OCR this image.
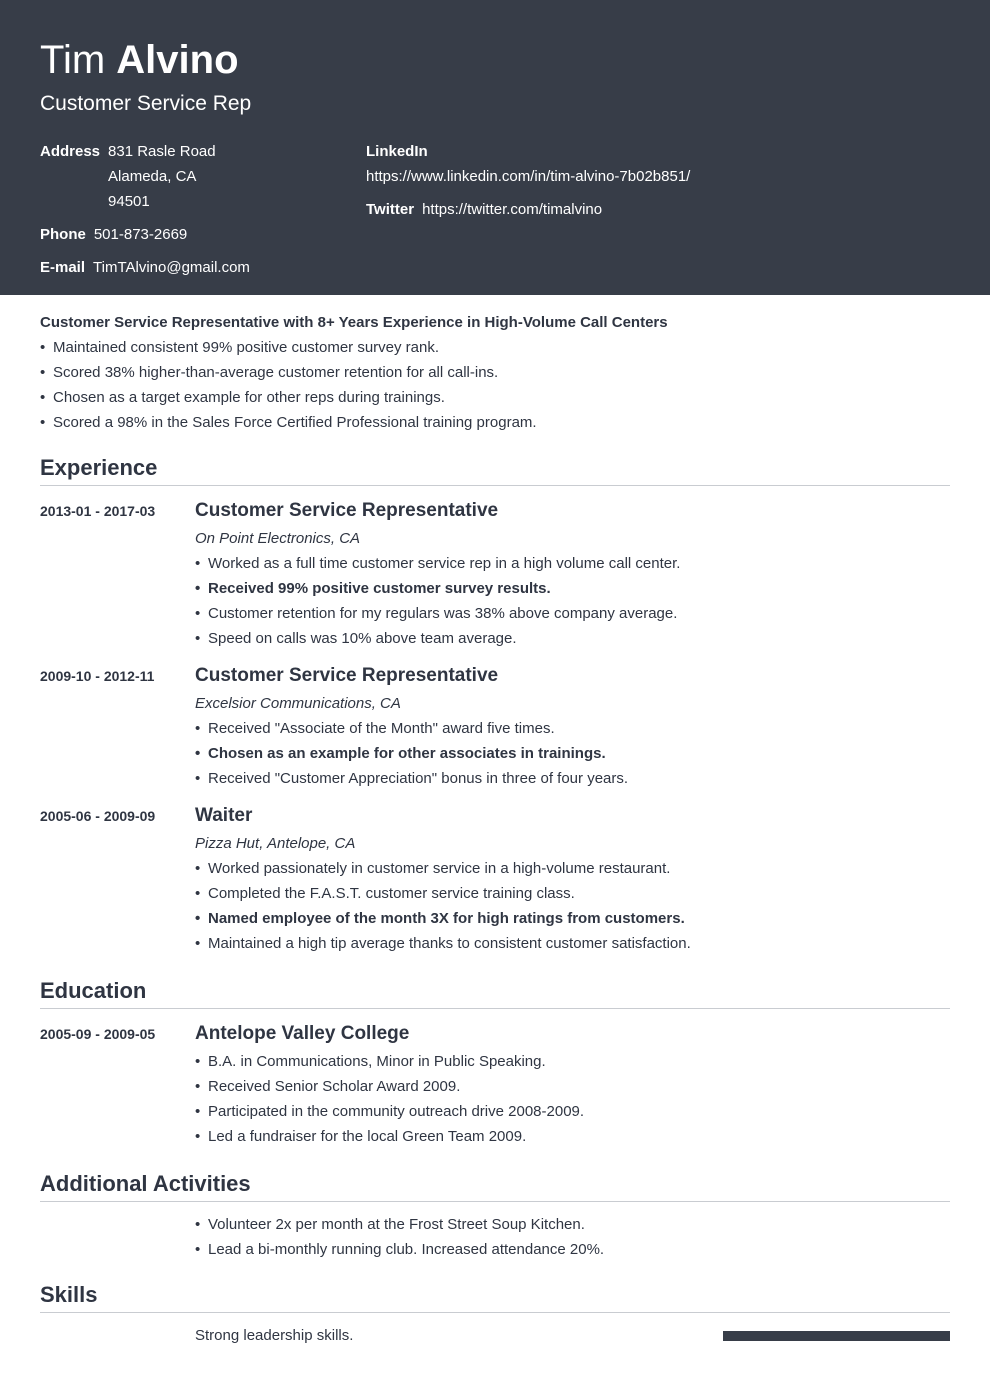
Tim Alvino
Customer Service Rep
Address 831 Rasle Road
Alameda, CA
94501
Phone 501-873-2669
E-mail TimTAlvino@gmail.com
LinkedIn
https://www.linkedin.com/in/tim-alvino-7b02b851/
Twitter https://twitter.com/timalvino
Customer Service Representative with 8+ Years Experience in High-Volume Call Centers
• Maintained consistent 99% positive customer survey rank.
• Scored 38% higher-than-average customer retention for all call-ins.
• Chosen as a target example for other reps during trainings.
• Scored a 98% in the Sales Force Certified Professional training program.
Experience
2013-01 - 2017-03 Customer Service Representative
On Point Electronics, CA
• Worked as a full time customer service rep in a high volume call center.
• Received 99% positive customer survey results.
• Customer retention for my regulars was 38% above company average.
• Speed on calls was 10% above team average.
2009-10 - 2012-11 Customer Service Representative
Excelsior Communications, CA
• Received "Associate of the Month" award five times.
• Chosen as an example for other associates in trainings.
• Received "Customer Appreciation" bonus in three of four years.
2005-06 - 2009-09 Waiter
Pizza Hut, Antelope, CA
• Worked passionately in customer service in a high-volume restaurant.
• Completed the F.A.S.T. customer service training class.
• Named employee of the month 3X for high ratings from customers.
• Maintained a high tip average thanks to consistent customer satisfaction.
Education
2005-09 - 2009-05 Antelope Valley College
• B.A. in Communications, Minor in Public Speaking.
• Received Senior Scholar Award 2009.
• Participated in the community outreach drive 2008-2009.
• Led a fundraiser for the local Green Team 2009.
Additional Activities
• Volunteer 2x per month at the Frost Street Soup Kitchen.
• Lead a bi-monthly running club. Increased attendance 20%.
Skills
Strong leadership skills.
